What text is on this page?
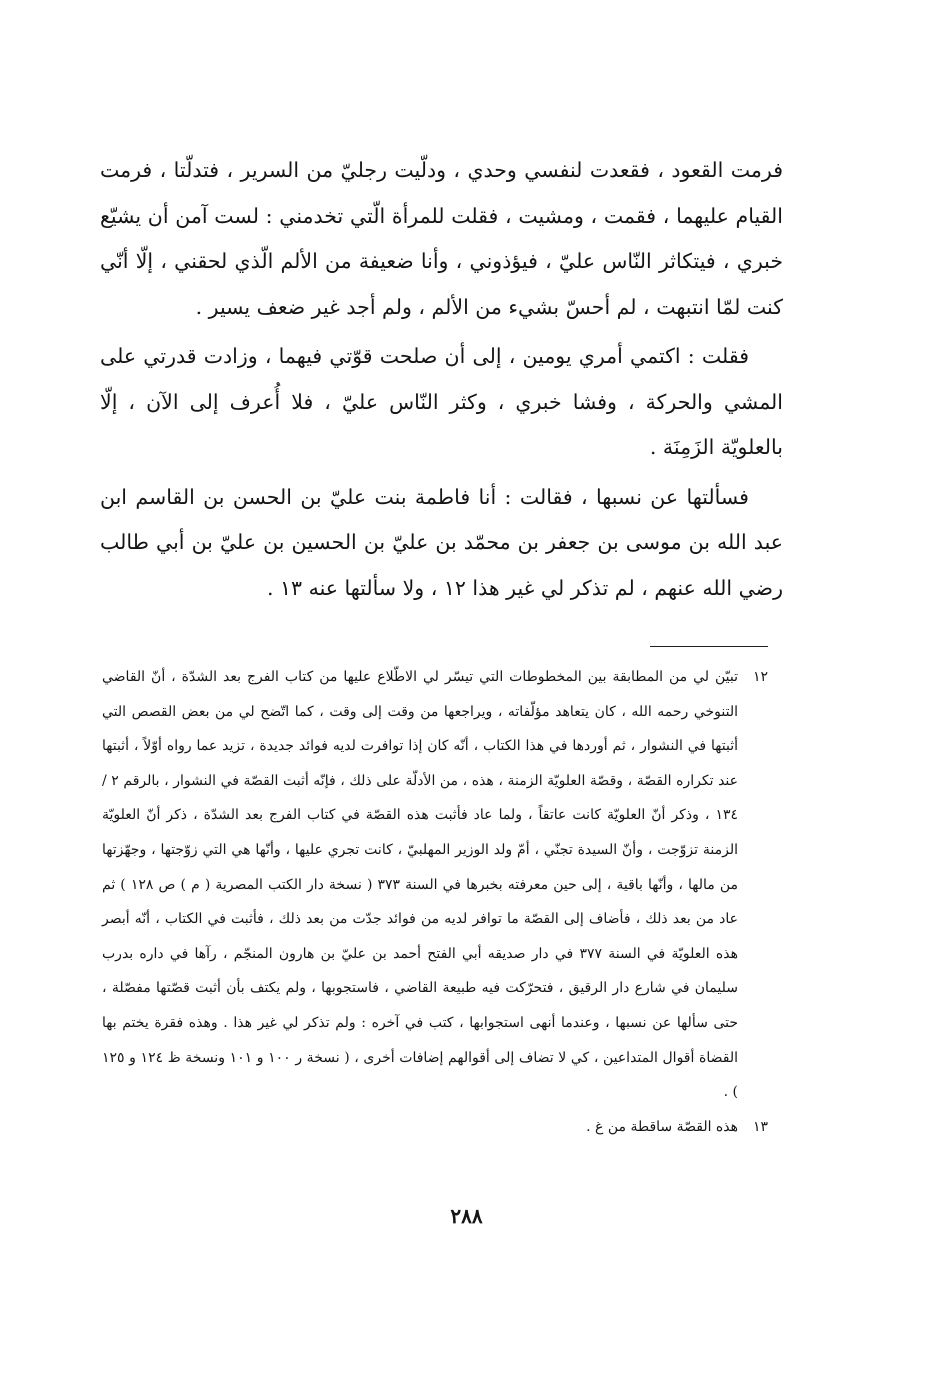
فرمت القعود ، فقعدت لنفسي وحدي ، ودلّيت رجليّ من السرير ، فتدلّتا ، فرمت القيام عليهما ، فقمت ، ومشيت ، فقلت للمرأة الّتي تخدمني : لست آمن أن يشيّع خبري ، فيتكاثر النّاس عليّ ، فيؤذوني ، وأنا ضعيفة من الألم الّذي لحقني ، إلّا أنّي كنت لمّا انتبهت ، لم أحسّ بشيء من الألم ، ولم أجد غير ضعف يسير .

فقلت : اكتمي أمري يومين ، إلى أن صلحت قوّتي فيهما ، وزادت قدرتي على المشي والحركة ، وفشا خبري ، وكثر النّاس عليّ ، فلا أُعرف إلى الآن ، إلّا بالعلويّة الزَمِنَة .

فسألتها عن نسبها ، فقالت : أنا فاطمة بنت عليّ بن الحسن بن القاسم ابن عبد الله بن موسى بن جعفر بن محمّد بن عليّ بن الحسين بن عليّ بن أبي طالب رضي الله عنهم ، لم تذكر لي غير هذا ١٢ ، ولا سألتها عنه ١٣ .

١٢
تبيّن لي من المطابقة بين المخطوطات التي تيسّر لي الاطّلاع عليها من كتاب الفرج بعد الشدّة ، أنّ القاضي التنوخي رحمه الله ، كان يتعاهد مؤلّفاته ، ويراجعها من وقت إلى وقت ، كما اتّضح لي من بعض القصص التي أثبتها في النشوار ، ثم أوردها في هذا الكتاب ، أنّه كان إذا توافرت لديه فوائد جديدة ، تزيد عما رواه أوّلاً ، أثبتها عند تكراره القصّة ، وقصّة العلويّة الزمنة ، هذه ، من الأدلّة على ذلك ، فإنّه أثبت القصّة في النشوار ، بالرقم ٢ / ١٣٤ ، وذكر أنّ العلويّة كانت عاتقاً ، ولما عاد فأثبت هذه القصّة في كتاب الفرج بعد الشدّة ، ذكر أنّ العلويّة الزمنة تزوّجت ، وأنّ السيدة تجنّي ، أمّ ولد الوزير المهلبيّ ، كانت تجري عليها ، وأنّها هي التي زوّجتها ، وجهّزتها من مالها ، وأنّها باقية ، إلى حين معرفته بخبرها في السنة ٣٧٣ ( نسخة دار الكتب المصرية ( م ) ص ١٢٨ ) ثم عاد من بعد ذلك ، فأضاف إلى القصّة ما توافر لديه من فوائد جدّت من بعد ذلك ، فأثبت في الكتاب ، أنّه أبصر هذه العلويّة في السنة ٣٧٧ في دار صديقه أبي الفتح أحمد بن عليّ بن هارون المنجّم ، رآها في داره بدرب سليمان في شارع دار الرقيق ، فتحرّكت فيه طبيعة القاضي ، فاستجوبها ، ولم يكتف بأن أثبت قصّتها مفصّلة ، حتى سألها عن نسبها ، وعندما أنهى استجوابها ، كتب في آخره : ولم تذكر لي غير هذا . وهذه فقرة يختم بها القضاة أقوال المتداعين ، كي لا تضاف إلى أقوالهم إضافات أخرى ، ( نسخة ر ١٠٠ و ١٠١ ونسخة ظ ١٢٤ و ١٢٥ ) .
١٣
هذه القصّة ساقطة من غ .
٢٨٨
